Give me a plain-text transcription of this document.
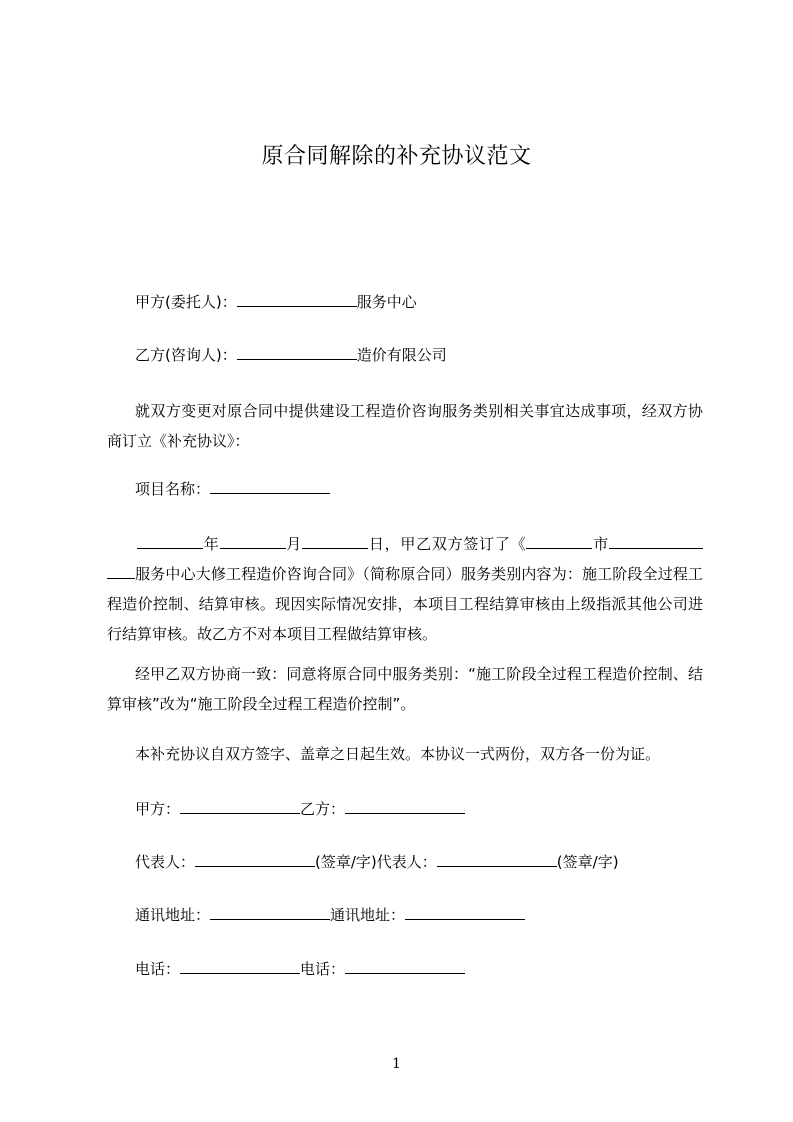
原合同解除的补充协议范文
甲方(委托人)：	服务中心
乙方(咨询人)：	造价有限公司
就双方变更对原合同中提供建设工程造价咨询服务类别相关事宜达成事项，经双方协商订立《补充协议》：
项目名称：
年	月	日，甲乙双方签订了《	市服务中心大修工程造价咨询合同》（简称原合同）服务类别内容为：施工阶段全过程工程造价控制、结算审核。现因实际情况安排，本项目工程结算审核由上级指派其他公司进行结算审核。故乙方不对本项目工程做结算审核。
经甲乙双方协商一致：同意将原合同中服务类别：“施工阶段全过程工程造价控制、结算审核”改为“施工阶段全过程工程造价控制”。
本补充协议自双方签字、盖章之日起生效。本协议一式两份，双方各一份为证。
甲方：	乙方：
代表人：	(签章/字)代表人：	(签章/字)
通讯地址：	通讯地址：
电话：	电话：
1
